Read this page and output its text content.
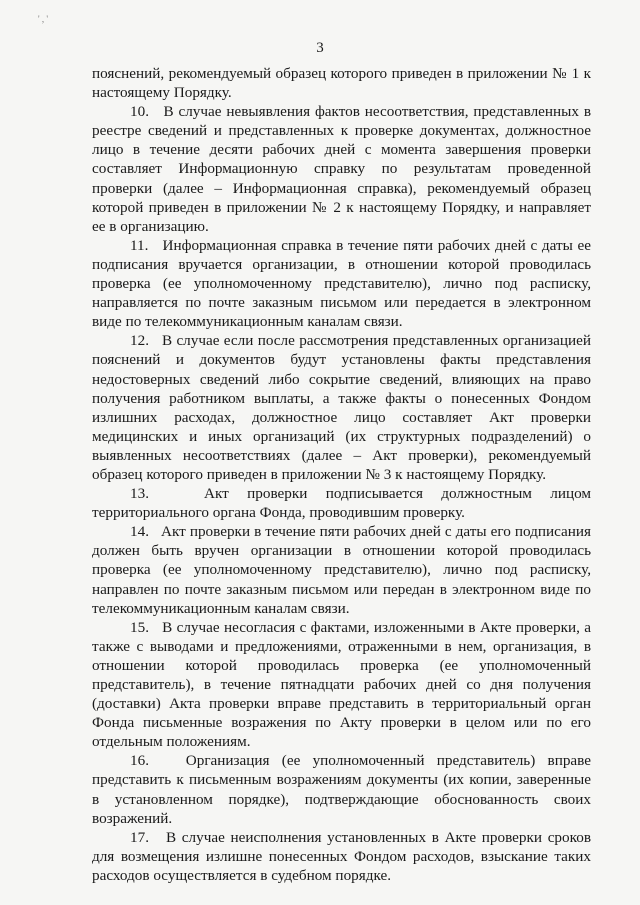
' , '
3

пояснений, рекомендуемый образец которого приведен в приложении № 1 к настоящему Порядку.

10.   В случае невыявления фактов несоответствия, представленных в реестре сведений и представленных к проверке документах, должностное лицо в течение десяти рабочих дней с момента завершения проверки составляет Информационную справку по результатам проведенной проверки (далее – Информационная справка), рекомендуемый образец которой приведен в приложении № 2 к настоящему Порядку, и направляет ее в организацию.

11.   Информационная справка в течение пяти рабочих дней с даты ее подписания вручается организации, в отношении которой проводилась проверка (ее уполномоченному представителю), лично под расписку, направляется по почте заказным письмом или передается в электронном виде по телекоммуникационным каналам связи.

12.   В случае если после рассмотрения представленных организацией пояснений и документов будут установлены факты представления недостоверных сведений либо сокрытие сведений, влияющих на право получения работником выплаты, а также факты о понесенных Фондом излишних расходах, должностное лицо составляет Акт проверки медицинских и иных организаций (их структурных подразделений) о выявленных несоответствиях (далее – Акт проверки), рекомендуемый образец которого приведен в приложении № 3 к настоящему Порядку.

13.   Акт проверки подписывается должностным лицом территориального органа Фонда, проводившим проверку.

14.   Акт проверки в течение пяти рабочих дней с даты его подписания должен быть вручен организации в отношении которой проводилась проверка (ее уполномоченному представителю), лично под расписку, направлен по почте заказным письмом или передан в электронном виде по телекоммуникационным каналам связи.

15.   В случае несогласия с фактами, изложенными в Акте проверки, а также с выводами и предложениями, отраженными в нем, организация, в отношении которой проводилась проверка (ее уполномоченный представитель), в течение пятнадцати рабочих дней со дня получения (доставки) Акта проверки вправе представить в территориальный орган Фонда письменные возражения по Акту проверки в целом или по его отдельным положениям.

16.   Организация (ее уполномоченный представитель) вправе представить к письменным возражениям документы (их копии, заверенные в установленном порядке), подтверждающие обоснованность своих возражений.

17.   В случае неисполнения установленных в Акте проверки сроков для возмещения излишне понесенных Фондом расходов, взыскание таких расходов осуществляется в судебном порядке.
